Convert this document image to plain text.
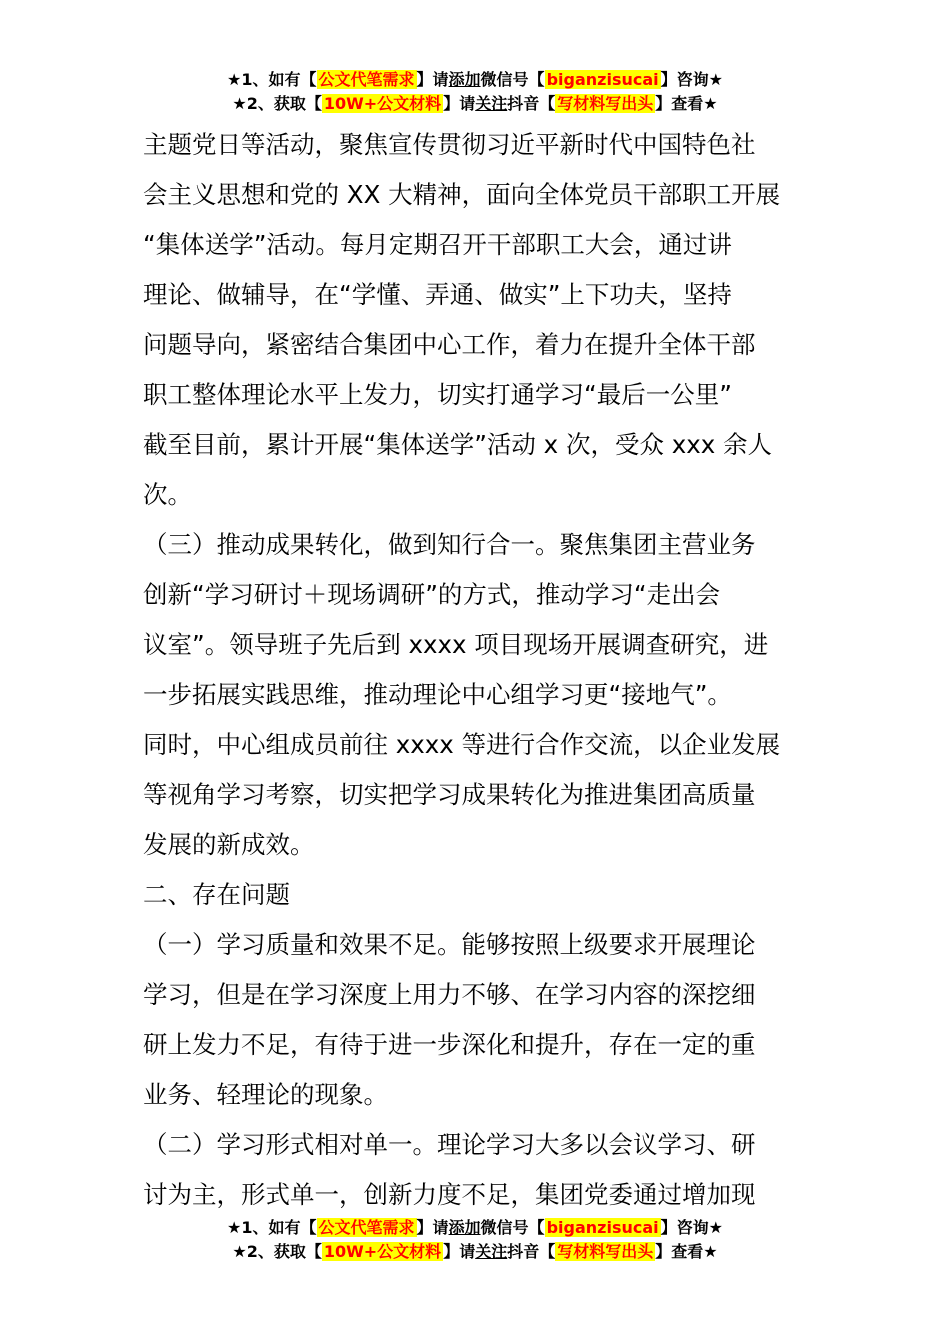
★1、如有【 公文代笔需求 】请添加微信号【 biganzisucai 】咨询★
★2、获取【 10W+公文材料 】请关注抖音【 写材料写出头 】查看★
主题党日等活动，聚焦宣传贯彻习近平新时代中国特色社
会主义思想和党的 XX 大精神，面向全体党员干部职工开展
“集体送学”活动。每月定期召开干部职工大会，通过讲
理论、做辅导，在“学懂、弄通、做实”上下功夫，坚持
问题导向，紧密结合集团中心工作，着力在提升全体干部
职工整体理论水平上发力，切实打通学习“最后一公里”
截至目前，累计开展“集体送学”活动 x 次，受众 xxx 余人
次。
（三）推动成果转化，做到知行合一。聚焦集团主营业务
创新“学习研讨＋现场调研”的方式，推动学习“走出会
议室”。领导班子先后到 xxxx 项目现场开展调查研究，进
一步拓展实践思维，推动理论中心组学习更“接地气”。
同时，中心组成员前往 xxxx 等进行合作交流，以企业发展
等视角学习考察，切实把学习成果转化为推进集团高质量
发展的新成效。
二、存在问题
（一）学习质量和效果不足。能够按照上级要求开展理论
学习，但是在学习深度上用力不够、在学习内容的深挖细
研上发力不足，有待于进一步深化和提升，存在一定的重
业务、轻理论的现象。
（二）学习形式相对单一。理论学习大多以会议学习、研
讨为主，形式单一，创新力度不足，集团党委通过增加现
★1、如有【 公文代笔需求 】请添加微信号【 biganzisucai 】咨询★
★2、获取【 10W+公文材料 】请关注抖音【 写材料写出头 】查看★
